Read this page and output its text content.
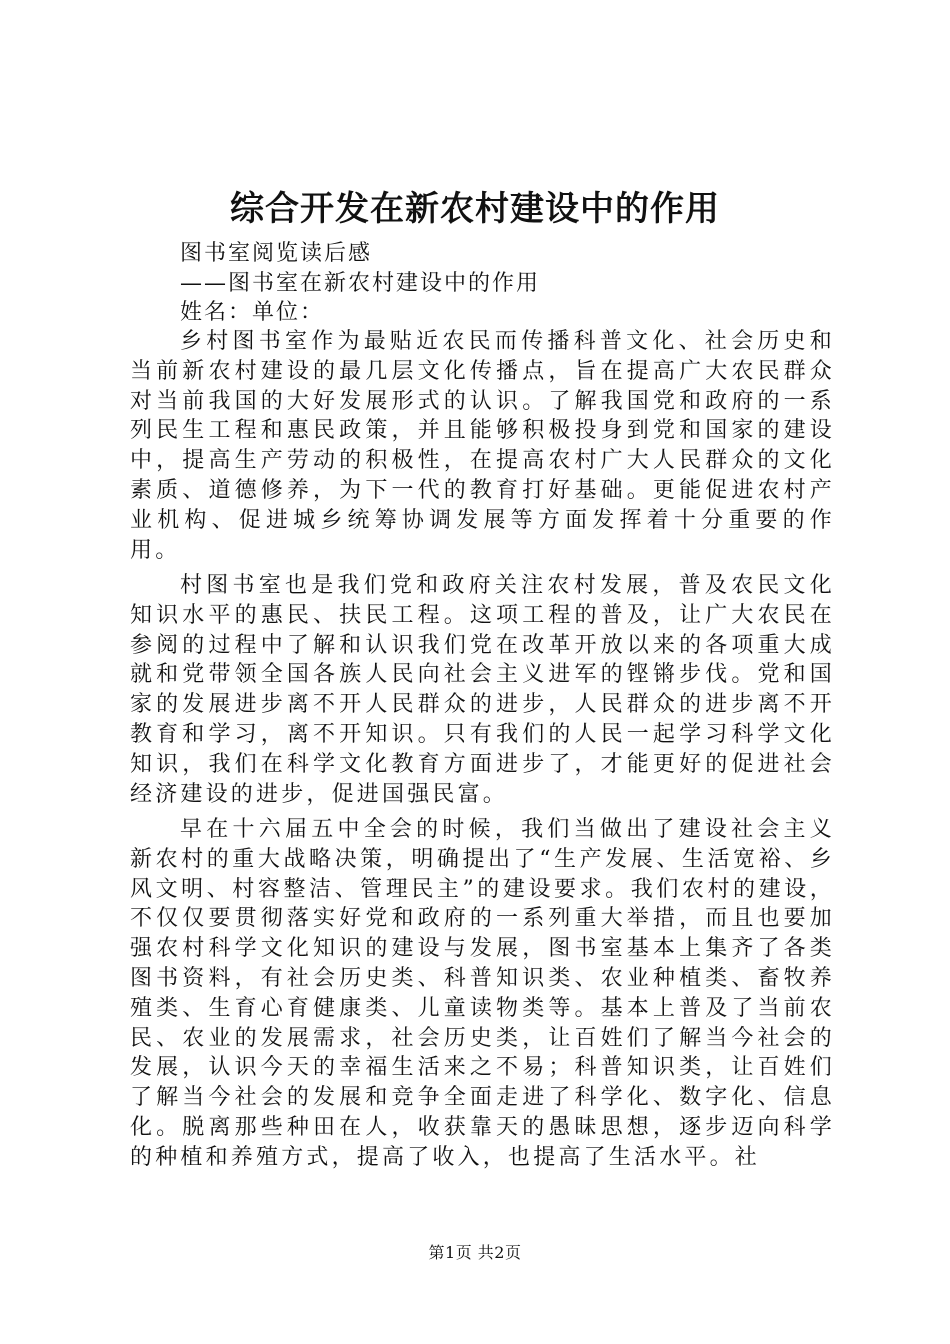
综合开发在新农村建设中的作用
图书室阅览读后感
——图书室在新农村建设中的作用
姓名：单位：

乡村图书室作为最贴近农民而传播科普文化、社会历史和当前新农村建设的最几层文化传播点，旨在提高广大农民群众对当前我国的大好发展形式的认识。了解我国党和政府的一系列民生工程和惠民政策，并且能够积极投身到党和国家的建设中，提高生产劳动的积极性，在提高农村广大人民群众的文化素质、道德修养，为下一代的教育打好基础。更能促进农村产业机构、促进城乡统筹协调发展等方面发挥着十分重要的作用。

村图书室也是我们党和政府关注农村发展，普及农民文化知识水平的惠民、扶民工程。这项工程的普及，让广大农民在参阅的过程中了解和认识我们党在改革开放以来的各项重大成就和党带领全国各族人民向社会主义进军的铿锵步伐。党和国家的发展进步离不开人民群众的进步，人民群众的进步离不开教育和学习，离不开知识。只有我们的人民一起学习科学文化知识，我们在科学文化教育方面进步了，才能更好的促进社会经济建设的进步，促进国强民富。

早在十六届五中全会的时候，我们当做出了建设社会主义新农村的重大战略决策，明确提出了“生产发展、生活宽裕、乡风文明、村容整洁、管理民主”的建设要求。我们农村的建设，不仅仅要贯彻落实好党和政府的一系列重大举措，而且也要加强农村科学文化知识的建设与发展，图书室基本上集齐了各类图书资料，有社会历史类、科普知识类、农业种植类、畜牧养殖类、生育心育健康类、儿童读物类等。基本上普及了当前农民、农业的发展需求，社会历史类，让百姓们了解当今社会的发展，认识今天的幸福生活来之不易；科普知识类，让百姓们了解当今社会的发展和竞争全面走进了科学化、数字化、信息化。脱离那些种田在人，收获靠天的愚昧思想，逐步迈向科学的种植和养殖方式，提高了收入，也提高了生活水平。社

第1页 共2页
